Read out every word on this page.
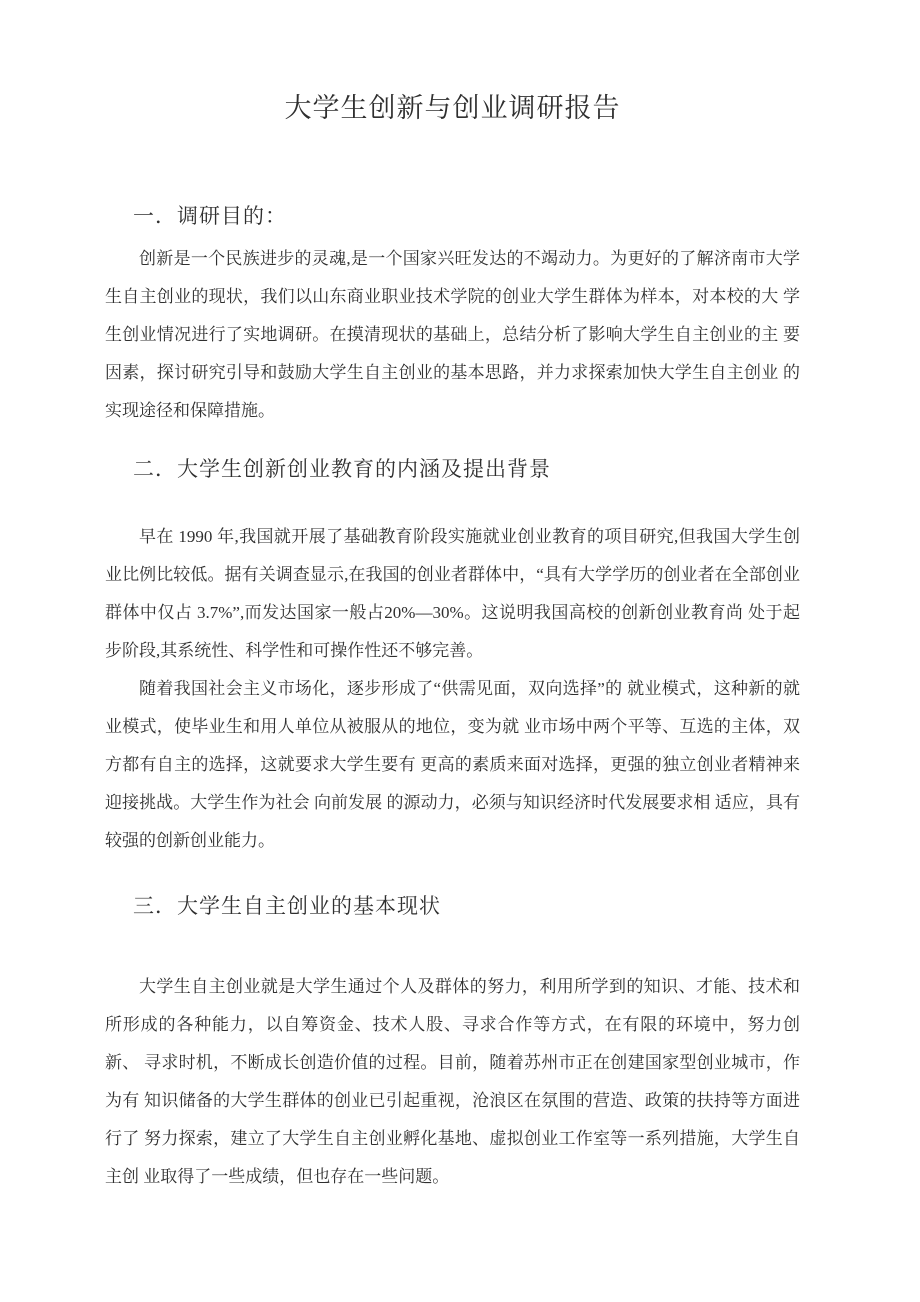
大学生创新与创业调研报告
一．调研目的：

创新是一个民族进步的灵魂,是一个国家兴旺发达的不竭动力。为更好的了解济南市大学生自主创业的现状，我们以山东商业职业技术学院的创业大学生群体为样本，对本校的大 学生创业情况进行了实地调研。在摸清现状的基础上，总结分析了影响大学生自主创业的主 要因素，探讨研究引导和鼓励大学生自主创业的基本思路，并力求探索加快大学生自主创业 的实现途径和保障措施。

二．大学生创新创业教育的内涵及提出背景

早在 1990 年,我国就开展了基础教育阶段实施就业创业教育的项目研究,但我国大学生创业比例比较低。据有关调查显示,在我国的创业者群体中，“具有大学学历的创业者在全部创业群体中仅占 3.7%”,而发达国家一般占20%—30%。这说明我国高校的创新创业教育尚 处于起步阶段,其系统性、科学性和可操作性还不够完善。

随着我国社会主义市场化，逐步形成了“供需见面，双向选择”的 就业模式，这种新的就业模式，使毕业生和用人单位从被服从的地位，变为就 业市场中两个平等、互选的主体，双方都有自主的选择，这就要求大学生要有 更高的素质来面对选择，更强的独立创业者精神来迎接挑战。大学生作为社会 向前发展 的源动力，必须与知识经济时代发展要求相 适应，具有较强的创新创业能力。

三．大学生自主创业的基本现状

大学生自主创业就是大学生通过个人及群体的努力，利用所学到的知识、才能、技术和所形成的各种能力，以自筹资金、技术人股、寻求合作等方式，在有限的环境中，努力创新、 寻求时机，不断成长创造价值的过程。目前，随着苏州市正在创建国家型创业城市，作为有 知识储备的大学生群体的创业已引起重视，沧浪区在氛围的营造、政策的扶持等方面进行了 努力探索，建立了大学生自主创业孵化基地、虚拟创业工作室等一系列措施，大学生自主创 业取得了一些成绩，但也存在一些问题。
